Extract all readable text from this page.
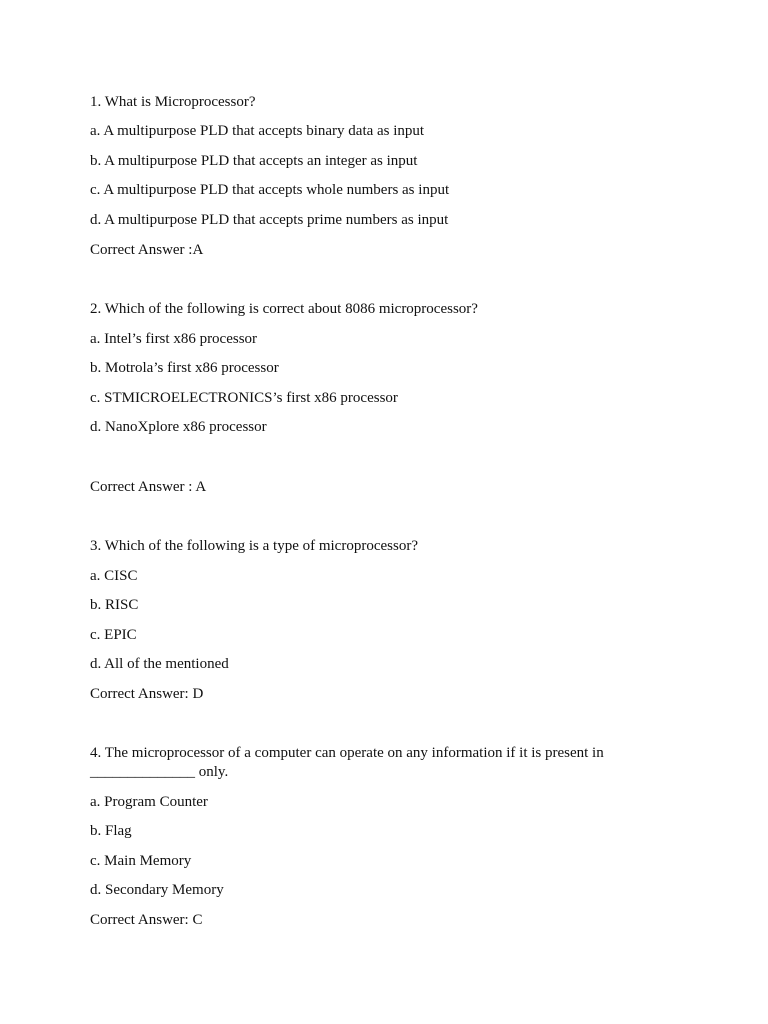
1. What is Microprocessor?
a. A multipurpose PLD that accepts binary data as input
b. A multipurpose PLD that accepts an integer as input
c. A multipurpose PLD that accepts whole numbers as input
d. A multipurpose PLD that accepts prime numbers as input
Correct Answer :A
2. Which of the following is correct about 8086 microprocessor?
a. Intel’s first x86 processor
b. Motrola’s first x86 processor
c. STMICROELECTRONICS’s first x86 processor
d. NanoXplore x86 processor
Correct Answer : A
3. Which of the following is a type of microprocessor?
a. CISC
b. RISC
c. EPIC
d. All of the mentioned
Correct Answer: D
4. The microprocessor of a computer can operate on any information if it is present in ______________ only.
a. Program Counter
b. Flag
c. Main Memory
d. Secondary Memory
Correct Answer: C
